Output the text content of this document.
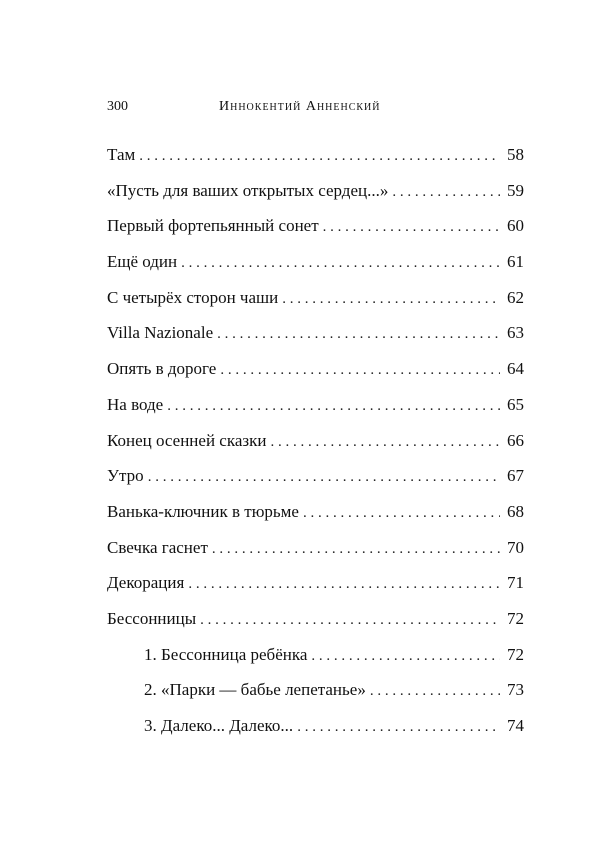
300	Иннокентий Анненский
Там . . .	58
«Пусть для ваших открытых сердец...» . . .	59
Первый фортепьянный сонет . . .	60
Ещё один . . .	61
С четырёх сторон чаши . . .	62
Villa Nazionale . . .	63
Опять в дороге . . .	64
На воде . . .	65
Конец осенней сказки . . .	66
Утро . . .	67
Ванька-ключник в тюрьме . . .	68
Свечка гаснет . . .	70
Декорация . . .	71
Бессонницы . . .	72
1. Бессонница ребёнка . . .	72
2. «Парки — бабье лепетанье» . . .	73
3. Далеко... Далеко... . . .	74
